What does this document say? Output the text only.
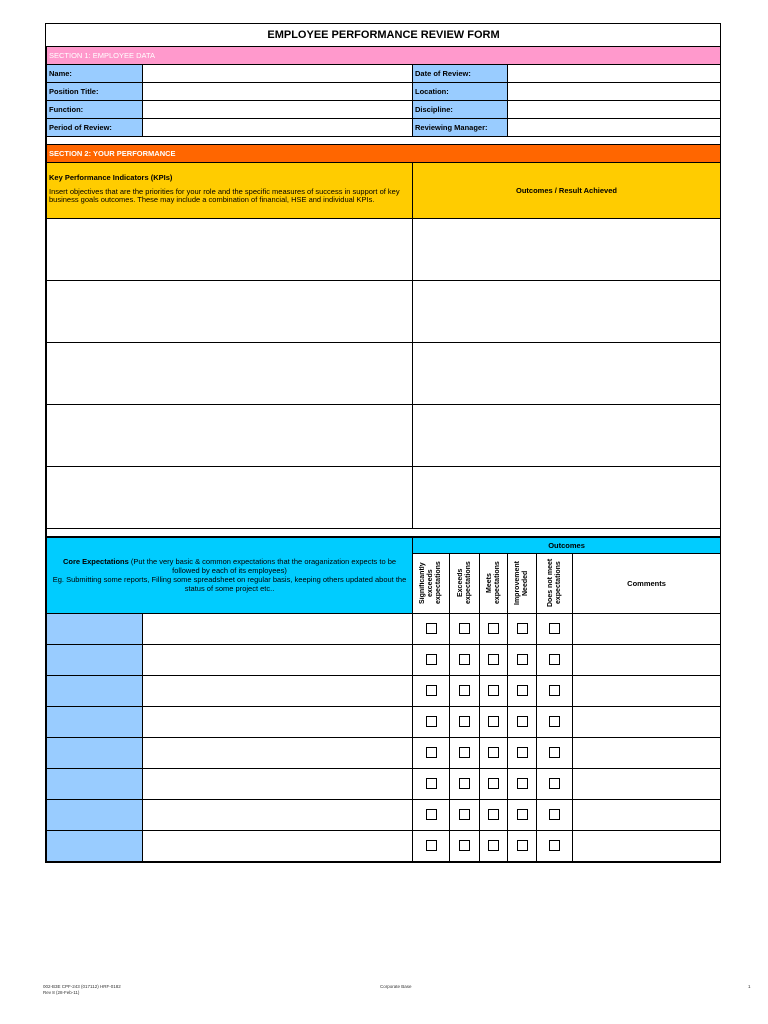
EMPLOYEE PERFORMANCE REVIEW FORM			
SECTION 1: EMPLOYEE DATA			
Name:		Date of Review:	
Position Title:		Location:	
Function:		Discipline:	
Period of Review:		Reviewing Manager:	

SECTION 2: YOUR PERFORMANCE			

Key Performance Indicators (KPIs)
Insert objectives that are the priorities for your role and the specific measures of success in support of key business goals outcomes. These may include a combination of financial, HSE and individual KPIs.		Outcomes / Result Achieved	

Core Expectations (Put the very basic & common expectations that the oraganization expects to be followed by each of its employees)
Eg. Submitting some reports, Filling some spreadsheet on regular basis, keeping others updated about the status of some project etc..		Outcomes					

		Significantly exceeds expectations	Exceeds expectations	Meets expectations	Improvement Needed	Does not meet expectations	Comments

002-B3E CPF-243 (017112) HRF-0182
Rev 8 (28-Feb-11)
Corporate Base	1
